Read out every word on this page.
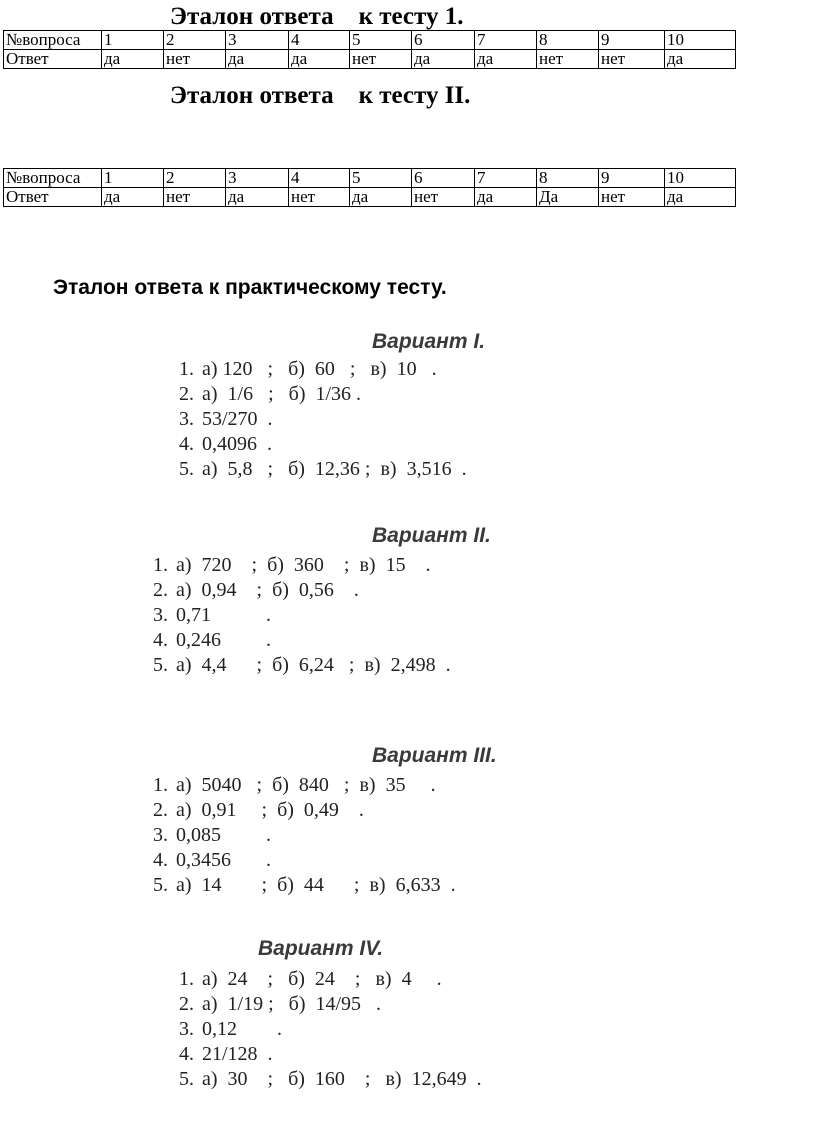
Эталон ответа    к тесту 1.
№вопроса	1	2	3	4	5	6	7	8	9	10
Ответ	да	нет	да	да	нет	да	да	нет	нет	да
Эталон ответа    к тесту II.
№вопроса	1	2	3	4	5	6	7	8	9	10
Ответ	да	нет	да	нет	да	нет	да	Да	нет	да
Эталон ответа к практическому тесту.
Вариант I.
1. а) 120   ;   б)  60   ;   в)  10   .
2. а)  1/6   ;   б)  1/36 .
3. 53/270  .
4. 0,4096  .
5. а)  5,8   ;   б)  12,36 ;  в)  3,516  .
Вариант II.
1. а)  720    ;  б)  360    ;  в)  15    .
2. а)  0,94    ;  б)  0,56    .
3. 0,71           .
4. 0,246         .
5. а)  4,4      ;  б)  6,24   ;  в)  2,498  .
Вариант III.
1. а)  5040   ;  б)  840   ;  в)  35     .
2. а)  0,91     ;  б)  0,49    .
3. 0,085         .
4. 0,3456       .
5. а)  14        ;  б)  44      ;  в)  6,633  .
Вариант IV.
1. а)  24    ;   б)  24    ;   в)  4     .
2. а)  1/19 ;   б)  14/95   .
3. 0,12        .
4. 21/128  .
5. а)  30    ;   б)  160    ;   в)  12,649  .
